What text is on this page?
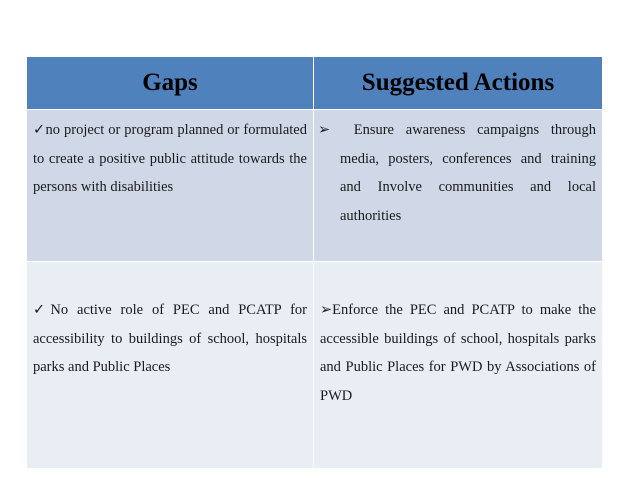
Gaps	Suggested Actions
✓no project or program planned or formulated to create a positive public attitude towards the persons with disabilities	➢ Ensure awareness campaigns through media, posters, conferences and training and Involve communities and local authorities
✓No active role of PEC and PCATP for accessibility to buildings of school, hospitals parks and Public Places	➢Enforce the PEC and PCATP to make the accessible buildings of school, hospitals parks and Public Places for PWD by Associations of PWD
